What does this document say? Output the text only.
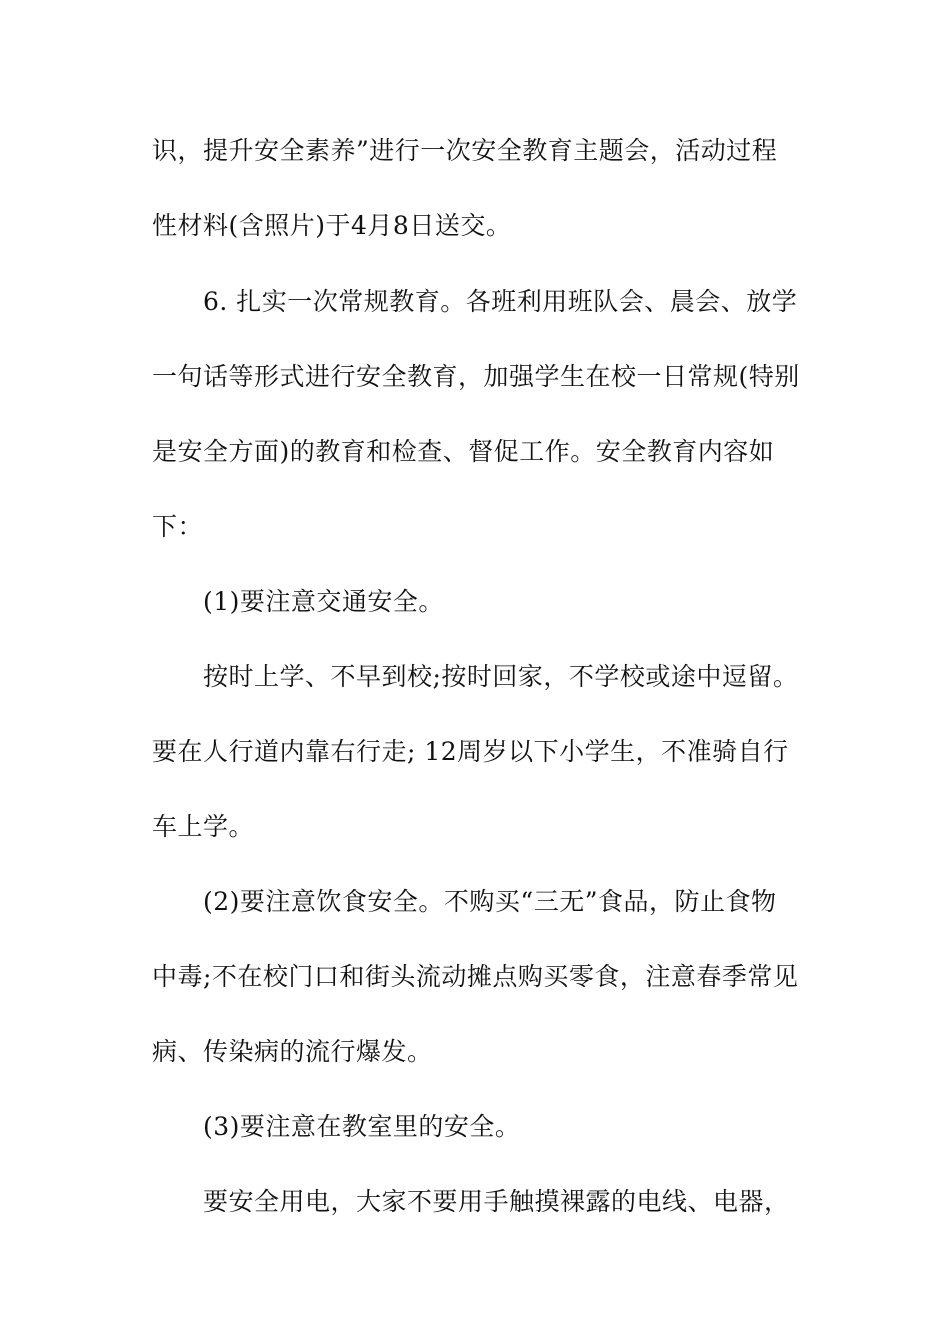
识，提升安全素养”进行一次安全教育主题会，活动过程
性材料(含照片)于4月8日送交。
6. 扎实一次常规教育。各班利用班队会、晨会、放学
一句话等形式进行安全教育，加强学生在校一日常规(特别
是安全方面)的教育和检查、督促工作。安全教育内容如
下：
(1)要注意交通安全。
按时上学、不早到校;按时回家，不学校或途中逗留。
要在人行道内靠右行走; 12周岁以下小学生，不准骑自行
车上学。
(2)要注意饮食安全。不购买“三无”食品，防止食物
中毒;不在校门口和街头流动摊点购买零食，注意春季常见
病、传染病的流行爆发。
(3)要注意在教室里的安全。
要安全用电，大家不要用手触摸裸露的电线、电器，
